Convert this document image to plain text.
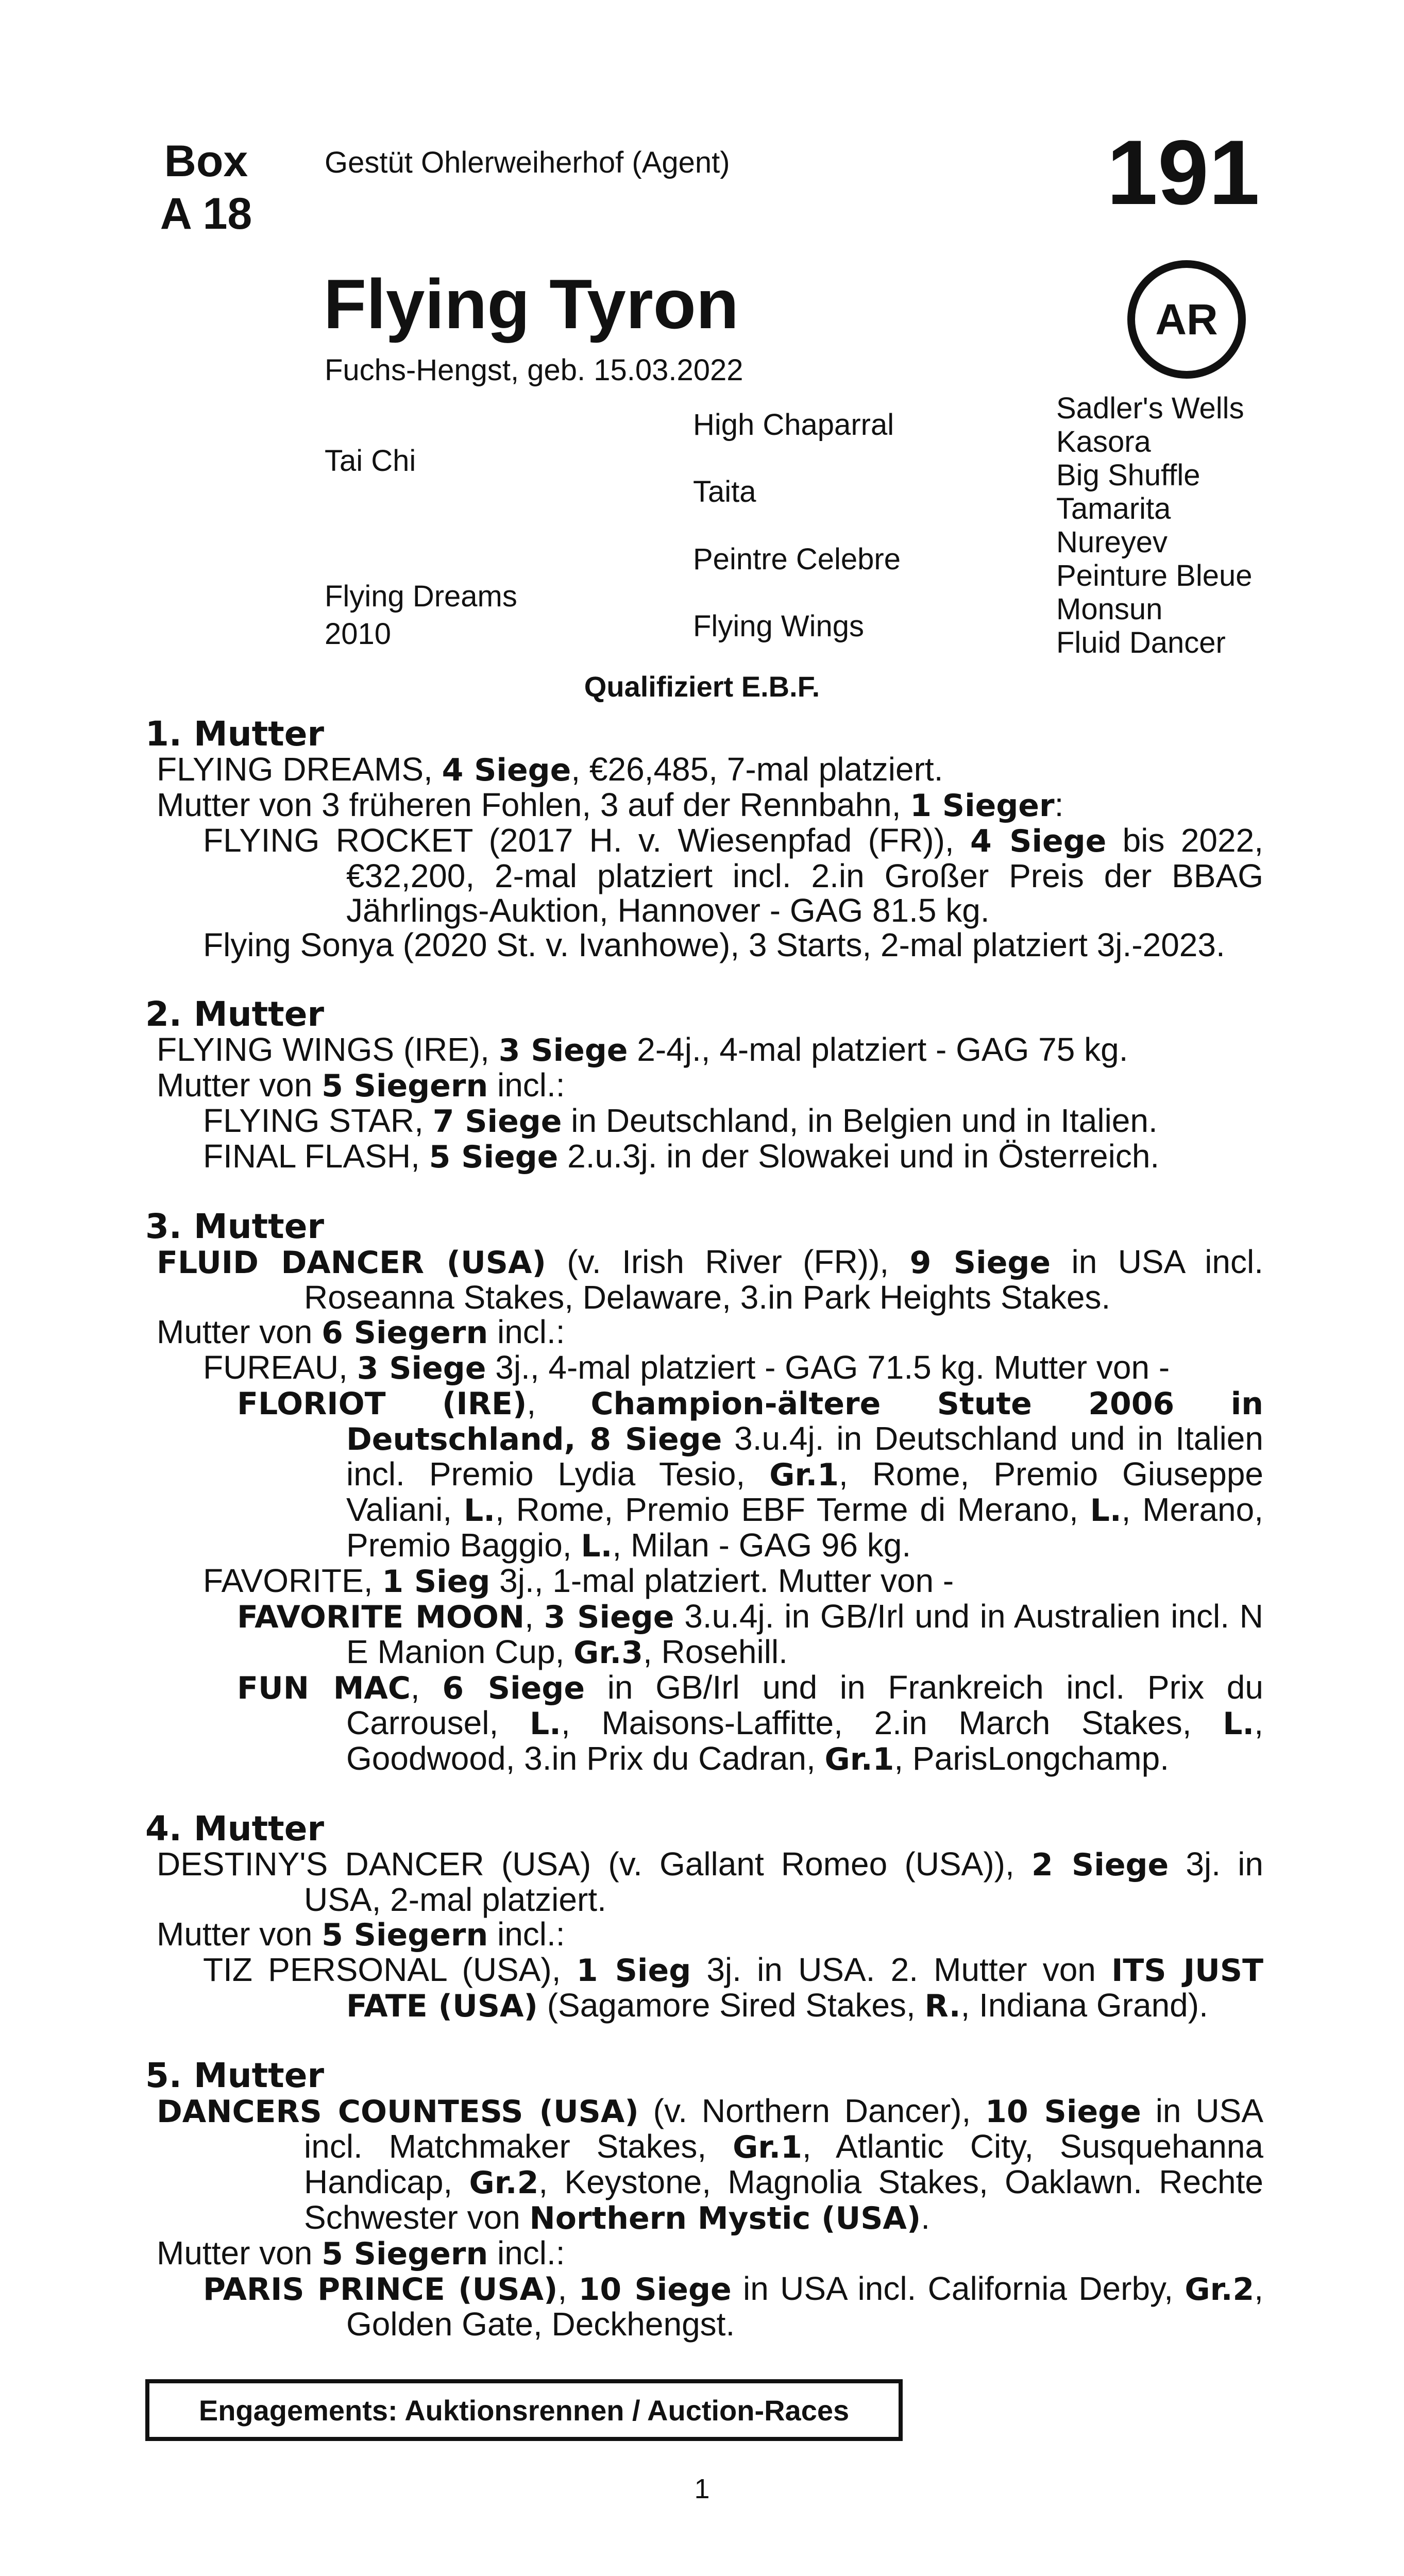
Box
A 18
Gestüt Ohlerweiherhof (Agent)	191
AR
Flying Tyron
Fuchs-Hengst, geb. 15.03.2022
Tai Chi
Flying Dreams
2010
High Chaparral
Taita
Peintre Celebre
Flying Wings
Sadler's Wells
Kasora
Big Shuffle
Tamarita
Nureyev
Peinture Bleue
Monsun
Fluid Dancer
Qualifiziert E.B.F.
1. Mutter

FLYING DREAMS, 4 Siege, €26,485, 7-mal platziert.

Mutter von 3 früheren Fohlen, 3 auf der Rennbahn, 1 Sieger:

FLYING ROCKET (2017 H. v. Wiesenpfad (FR)), 4 Siege bis 2022, €32,200, 2-mal platziert incl. 2.in Großer Preis der BBAG Jährlings-Auktion, Hannover - GAG 81.5 kg.

Flying Sonya (2020 St. v. Ivanhowe), 3 Starts, 2-mal platziert 3j.-2023.

2. Mutter

FLYING WINGS (IRE), 3 Siege 2-4j., 4-mal platziert - GAG 75 kg.

Mutter von 5 Siegern incl.:

FLYING STAR, 7 Siege in Deutschland, in Belgien und in Italien.

FINAL FLASH, 5 Siege 2.u.3j. in der Slowakei und in Österreich.

3. Mutter

FLUID DANCER (USA) (v. Irish River (FR)), 9 Siege in USA incl. Roseanna Stakes, Delaware, 3.in Park Heights Stakes.

Mutter von 6 Siegern incl.:

FUREAU, 3 Siege 3j., 4-mal platziert - GAG 71.5 kg. Mutter von -

FLORIOT (IRE), Champion-ältere Stute 2006 in Deutschland, 8 Siege 3.u.4j. in Deutschland und in Italien incl. Premio Lydia Tesio, Gr.1, Rome, Premio Giuseppe Valiani, L., Rome, Premio EBF Terme di Merano, L., Merano, Premio Baggio, L., Milan - GAG 96 kg.

FAVORITE, 1 Sieg 3j., 1-mal platziert. Mutter von -

FAVORITE MOON, 3 Siege 3.u.4j. in GB/Irl und in Australien incl. N E Manion Cup, Gr.3, Rosehill.

FUN MAC, 6 Siege in GB/Irl und in Frankreich incl. Prix du Carrousel, L., Maisons-Laffitte, 2.in March Stakes, L., Goodwood, 3.in Prix du Cadran, Gr.1, ParisLongchamp.

4. Mutter

DESTINY'S DANCER (USA) (v. Gallant Romeo (USA)), 2 Siege 3j. in USA, 2-mal platziert.

Mutter von 5 Siegern incl.:

TIZ PERSONAL (USA), 1 Sieg 3j. in USA. 2. Mutter von ITS JUST FATE (USA) (Sagamore Sired Stakes, R., Indiana Grand).

5. Mutter

DANCERS COUNTESS (USA) (v. Northern Dancer), 10 Siege in USA incl. Matchmaker Stakes, Gr.1, Atlantic City, Susquehanna Handicap, Gr.2, Keystone, Magnolia Stakes, Oaklawn. Rechte Schwester von Northern Mystic (USA).

Mutter von 5 Siegern incl.:

PARIS PRINCE (USA), 10 Siege in USA incl. California Derby, Gr.2, Golden Gate, Deckhengst.

Engagements: Auktionsrennen / Auction-Races
1
